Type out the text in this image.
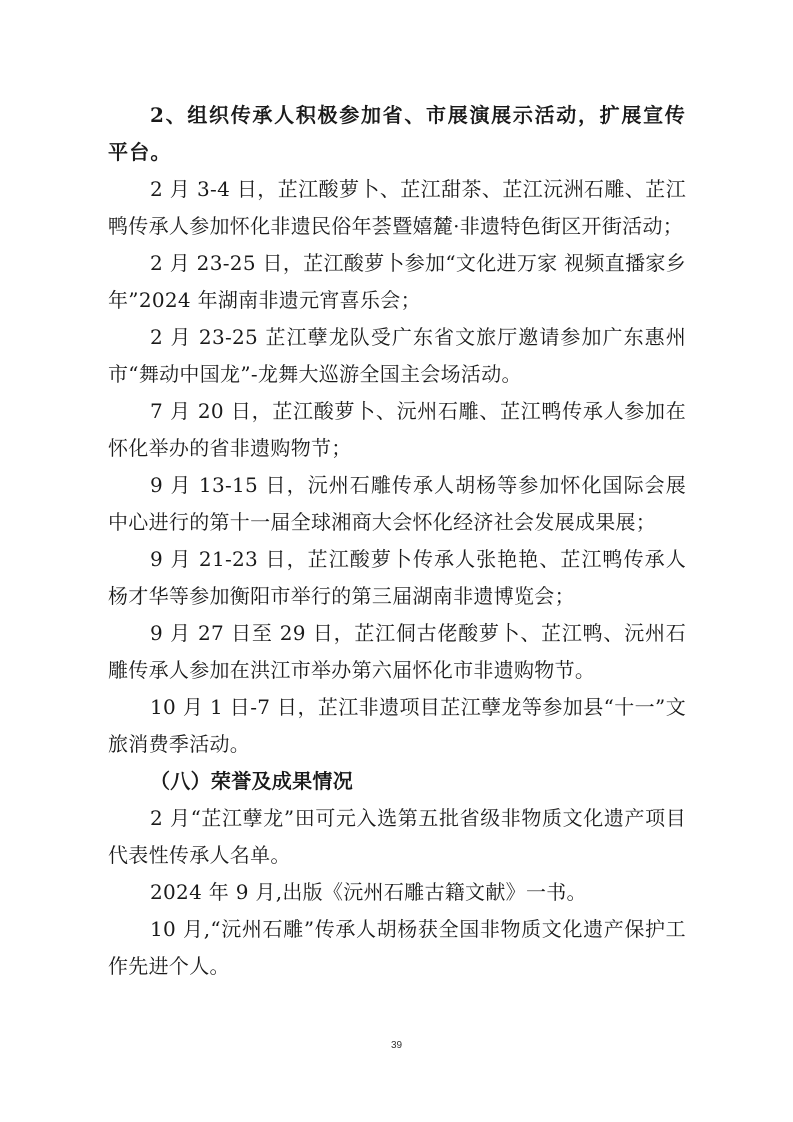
2、组织传承人积极参加省、市展演展示活动，扩展宣传平台。

2 月 3-4 日，芷江酸萝卜、芷江甜茶、芷江沅洲石雕、芷江鸭传承人参加怀化非遗民俗年荟暨嬉麓·非遗特色街区开街活动；

2 月 23-25 日，芷江酸萝卜参加“文化进万家 视频直播家乡年”2024 年湖南非遗元宵喜乐会；

2 月 23-25 芷江孽龙队受广东省文旅厅邀请参加广东惠州市“舞动中国龙”-龙舞大巡游全国主会场活动。

7 月 20 日，芷江酸萝卜、沅州石雕、芷江鸭传承人参加在怀化举办的省非遗购物节；

9 月 13-15 日，沅州石雕传承人胡杨等参加怀化国际会展中心进行的第十一届全球湘商大会怀化经济社会发展成果展；

9 月 21-23 日，芷江酸萝卜传承人张艳艳、芷江鸭传承人杨才华等参加衡阳市举行的第三届湖南非遗博览会；

9 月 27 日至 29 日，芷江侗古佬酸萝卜、芷江鸭、沅州石雕传承人参加在洪江市举办第六届怀化市非遗购物节。

10 月 1 日-7 日，芷江非遗项目芷江孽龙等参加县“十一”文旅消费季活动。

（八）荣誉及成果情况

2 月“芷江孽龙”田可元入选第五批省级非物质文化遗产项目代表性传承人名单。

2024 年 9 月,出版《沅州石雕古籍文献》一书。

10 月,“沅州石雕”传承人胡杨获全国非物质文化遗产保护工作先进个人。

39
